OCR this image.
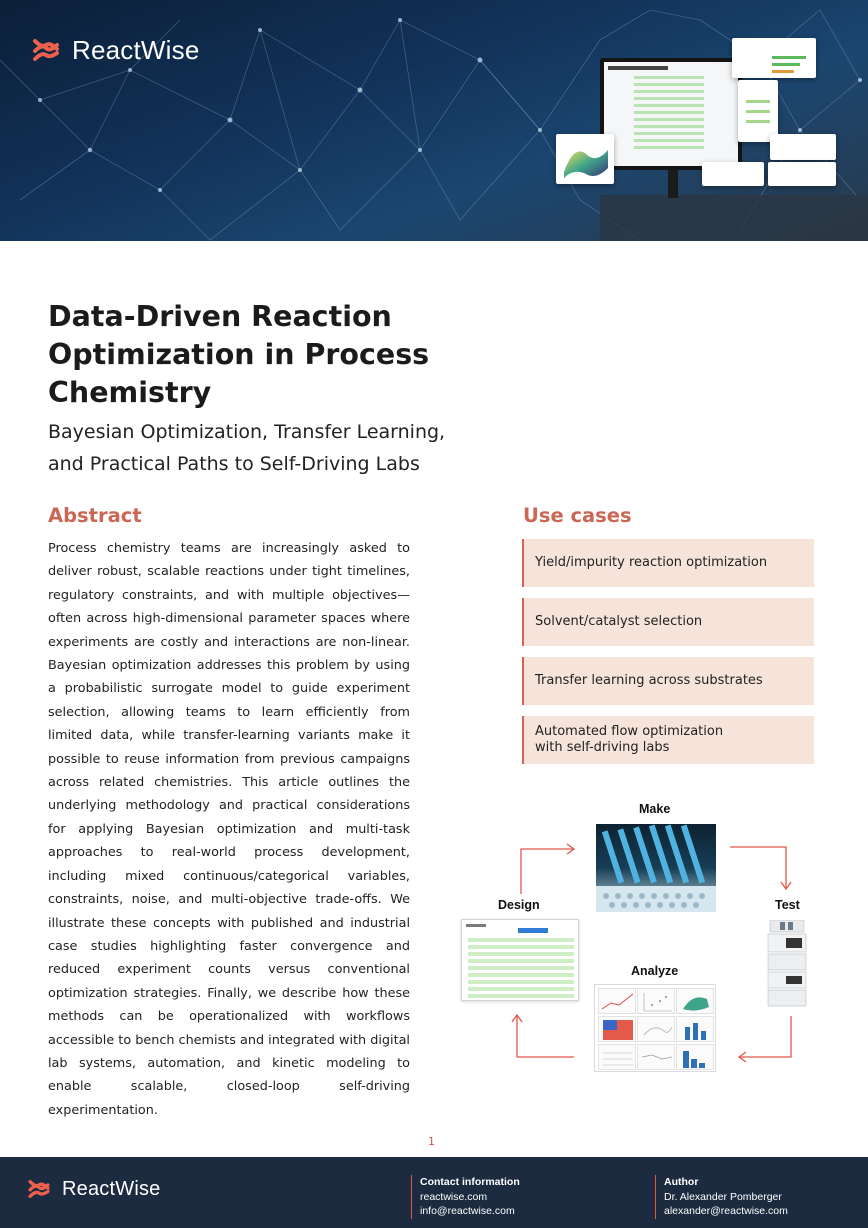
ReactWise
Data-Driven Reaction Optimization in Process Chemistry
Bayesian Optimization, Transfer Learning,
and Practical Paths to Self-Driving Labs
Abstract

Process chemistry teams are increasingly asked to deliver robust, scalable reactions under tight timelines, regulatory constraints, and with multiple objectives—often across high-dimensional parameter spaces where experiments are costly and interactions are non-linear. Bayesian optimization addresses this problem by using a probabilistic surrogate model to guide experiment selection, allowing teams to learn efficiently from limited data, while transfer-learning variants make it possible to reuse information from previous campaigns across related chemistries. This article outlines the underlying methodology and practical considerations for applying Bayesian optimization and multi-task approaches to real-world process development, including mixed continuous/categorical variables, constraints, noise, and multi-objective trade-offs. We illustrate these concepts with published and industrial case studies highlighting faster convergence and reduced experiment counts versus conventional optimization strategies. Finally, we describe how these methods can be operationalized with workflows accessible to bench chemists and integrated with digital lab systems, automation, and kinetic modeling to enable scalable, closed-loop self-driving experimentation.

Use cases
Yield/impurity reaction optimization
Solvent/catalyst selection
Transfer learning across substrates
Automated flow optimization
with self-driving labs
Make
Design	Test
Analyze
1
ReactWise	Contact information
reactwise.com
info@reactwise.com
Author
Dr. Alexander Pomberger
alexander@reactwise.com
